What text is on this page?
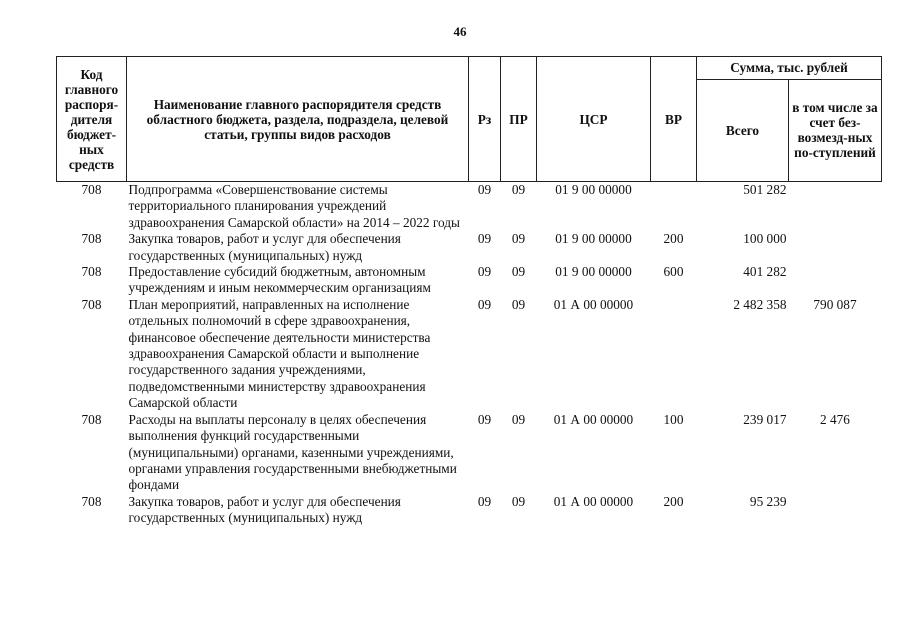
46
Код главного распоря-дителя бюджет-ных средств	Наименование главного распорядителя средств областного бюджета, раздела, подраздела, целевой статьи, группы видов расходов	Рз	ПР	ЦСР	ВР	Сумма, тыс. рублей	
						Всего	в том числе за счет без-возмезд-ных по-ступлений
708	Подпрограмма «Совершенствование системы территориального планирования учреждений здравоохранения Самарской области» на 2014 – 2022 годы	09	09	01 9 00 00000		501 282	
708	Закупка товаров, работ и услуг для обеспечения государственных (муниципальных) нужд	09	09	01 9 00 00000	200	100 000	
708	Предоставление субсидий бюджетным, автономным учреждениям и иным некоммерческим организациям	09	09	01 9 00 00000	600	401 282	
708	План мероприятий, направленных на исполнение отдельных полномочий в сфере здравоохранения, финансовое обеспечение деятельности министерства здравоохранения Самарской области и выполнение государственного задания учреждениями, подведомственными министерству здравоохранения Самарской области	09	09	01 А 00 00000		2 482 358	790 087
708	Расходы на выплаты персоналу в целях обеспечения выполнения функций государственными (муниципальными) органами, казенными учреждениями, органами управления государственными внебюджетными фондами	09	09	01 А 00 00000	100	239 017	2 476
708	Закупка товаров, работ и услуг для обеспечения государственных (муниципальных) нужд	09	09	01 А 00 00000	200	95 239	
